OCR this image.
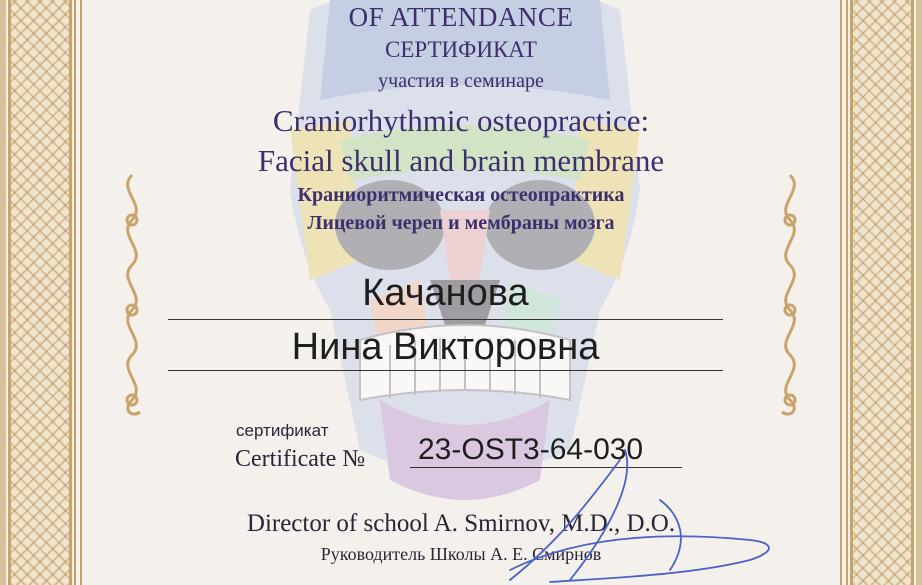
OF ATTENDANCE
СЕРТИФИКАТ
участия в семинаре
Craniorhythmic osteopractice:
Facial skull and brain membrane
Краниоритмическая остеопрактика
Лицевой череп и мембраны мозга
Качанова
Нина Викторовна
сертификат
Certificate № 23-OST3-64-030
Director of school A. Smirnov, M.D., D.O.
Руководитель Школы А. Е. Смирнов
